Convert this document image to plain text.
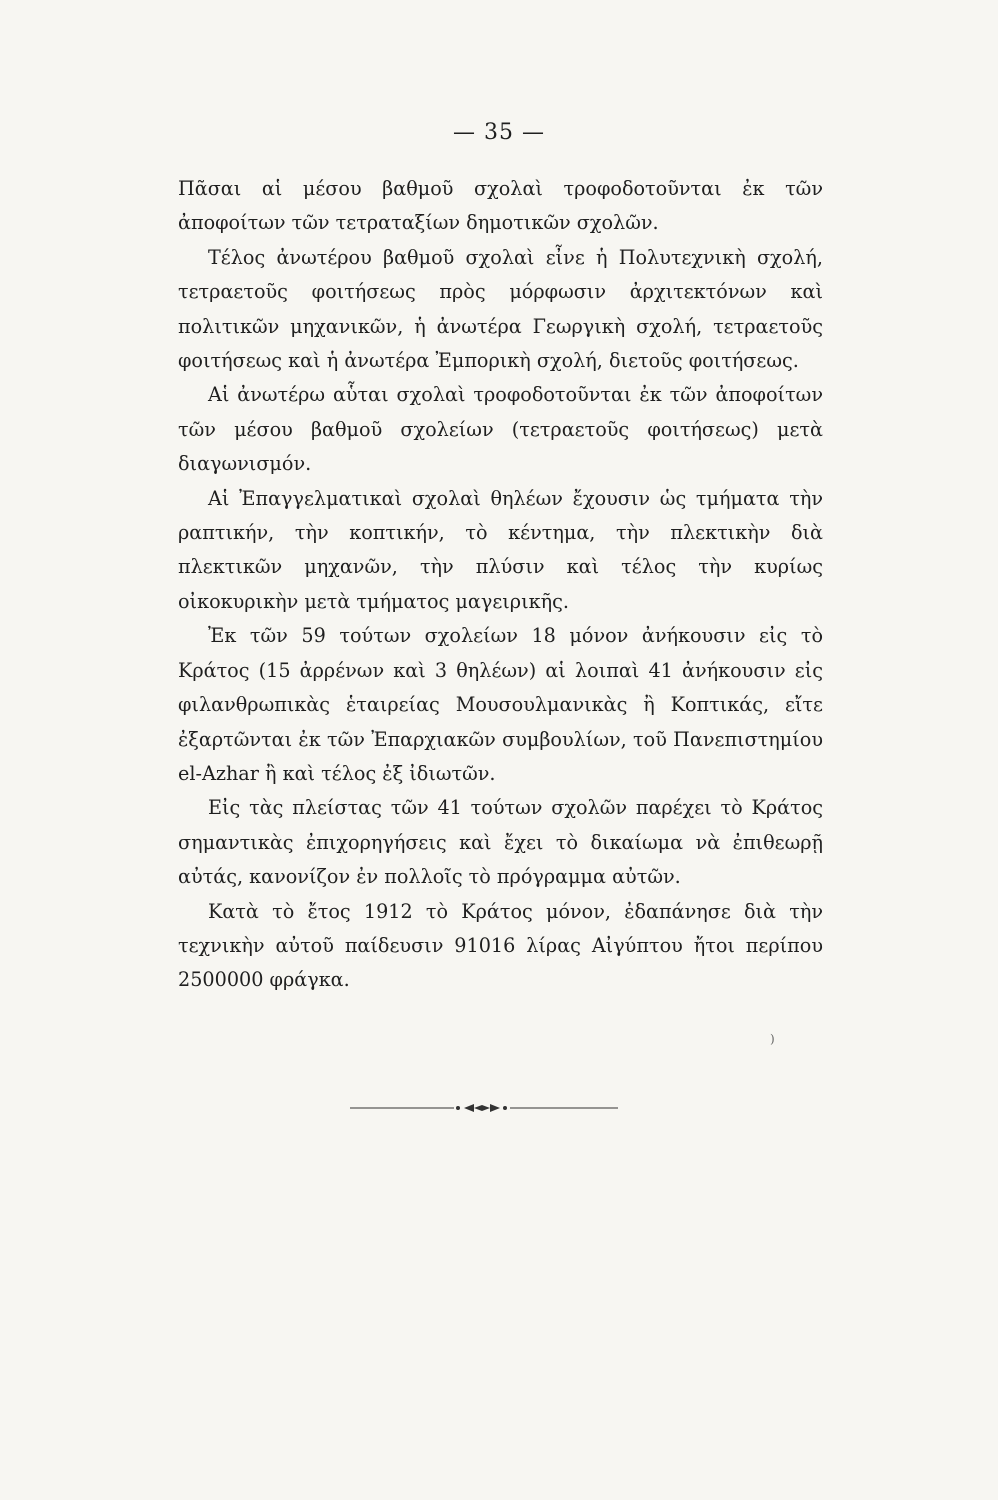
— 35 —

Πᾶσαι αἱ μέσου βαθμοῦ σχολαὶ τροφοδοτοῦνται ἐκ τῶν ἀποφοίτων τῶν τετραταξίων δημοτικῶν σχολῶν.

Τέλος ἀνωτέρου βαθμοῦ σχολαὶ εἶνε ἡ Πολυτεχνικὴ σχολή, τετραετοῦς φοιτήσεως πρὸς μόρφωσιν ἀρχιτεκτόνων καὶ πολιτικῶν μηχανικῶν, ἡ ἀνωτέρα Γεωργικὴ σχολή, τετραετοῦς φοιτήσεως καὶ ἡ ἀνωτέρα Ἐμπορικὴ σχολή, διετοῦς φοιτήσεως.

Αἱ ἀνωτέρω αὗται σχολαὶ τροφοδοτοῦνται ἐκ τῶν ἀποφοίτων τῶν μέσου βαθμοῦ σχολείων (τετραετοῦς φοιτήσεως) μετὰ διαγωνισμόν.

Αἱ Ἐπαγγελματικαὶ σχολαὶ θηλέων ἔχουσιν ὡς τμήματα τὴν ραπτικήν, τὴν κοπτικήν, τὸ κέντημα, τὴν πλεκτικὴν διὰ πλεκτικῶν μηχανῶν, τὴν πλύσιν καὶ τέλος τὴν κυρίως οἰκοκυρικὴν μετὰ τμήματος μαγειρικῆς.

Ἐκ τῶν 59 τούτων σχολείων 18 μόνον ἀνήκουσιν εἰς τὸ Κράτος (15 ἀρρένων καὶ 3 θηλέων) αἱ λοιπαὶ 41 ἀνήκουσιν εἰς φιλανθρωπικὰς ἑταιρείας Μουσουλμανικὰς ἢ Κοπτικάς, εἴτε ἐξαρτῶνται ἐκ τῶν Ἐπαρχιακῶν συμβουλίων, τοῦ Πανεπιστημίου el-Azhar ἢ καὶ τέλος ἐξ ἰδιωτῶν.

Εἰς τὰς πλείστας τῶν 41 τούτων σχολῶν παρέχει τὸ Κράτος σημαντικὰς ἐπιχορηγήσεις καὶ ἔχει τὸ δικαίωμα νὰ ἐπιθεωρῇ αὐτάς, κανονίζον ἐν πολλοῖς τὸ πρόγραμμα αὐτῶν.

Κατὰ τὸ ἔτος 1912 τὸ Κράτος μόνον, ἐδαπάνησε διὰ τὴν τεχνικὴν αὐτοῦ παίδευσιν 91016 λίρας Αἰγύπτου ἤτοι περίπου 2500000 φράγκα.

)
